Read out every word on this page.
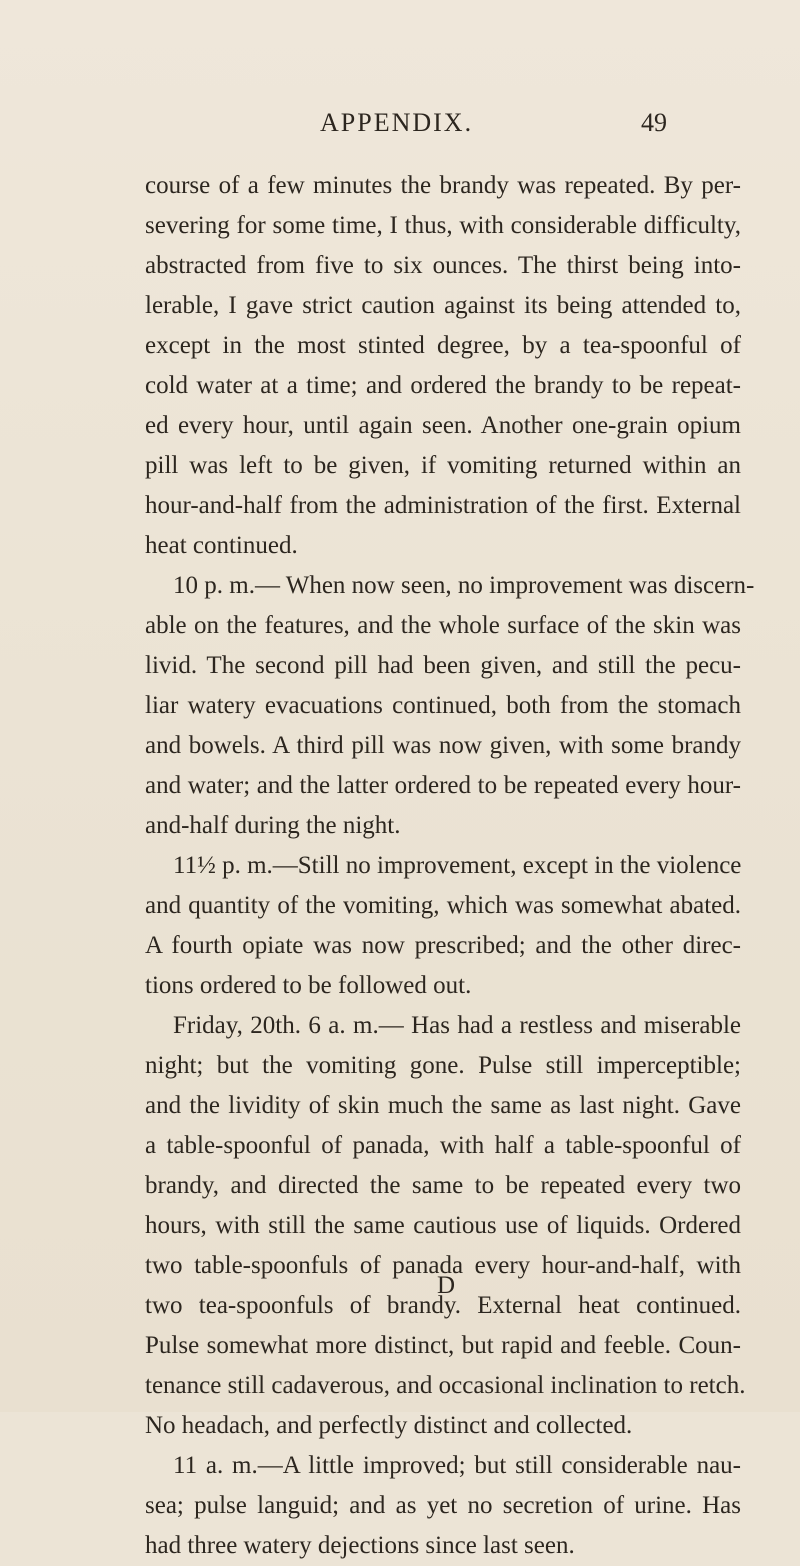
APPENDIX.	49
course of a few minutes the brandy was repeated. By per-
severing for some time, I thus, with considerable difficulty,
abstracted from five to six ounces. The thirst being into-
lerable, I gave strict caution against its being attended to,
except in the most stinted degree, by a tea-spoonful of
cold water at a time; and ordered the brandy to be repeat-
ed every hour, until again seen. Another one-grain opium
pill was left to be given, if vomiting returned within an
hour-and-half from the administration of the first. External
heat continued.
10 p. m.— When now seen, no improvement was discern-
able on the features, and the whole surface of the skin was
livid. The second pill had been given, and still the pecu-
liar watery evacuations continued, both from the stomach
and bowels. A third pill was now given, with some brandy
and water; and the latter ordered to be repeated every hour-
and-half during the night.
11½ p. m.—Still no improvement, except in the violence
and quantity of the vomiting, which was somewhat abated.
A fourth opiate was now prescribed; and the other direc-
tions ordered to be followed out.
Friday, 20th. 6 a. m.— Has had a restless and miserable
night; but the vomiting gone. Pulse still imperceptible;
and the lividity of skin much the same as last night. Gave
a table-spoonful of panada, with half a table-spoonful of
brandy, and directed the same to be repeated every two
hours, with still the same cautious use of liquids. Ordered
two table-spoonfuls of panada every hour-and-half, with
two tea-spoonfuls of brandy. External heat continued.
Pulse somewhat more distinct, but rapid and feeble. Coun-
tenance still cadaverous, and occasional inclination to retch.
No headach, and perfectly distinct and collected.
11 a. m.—A little improved; but still considerable nau-
sea; pulse languid; and as yet no secretion of urine. Has
had three watery dejections since last seen.
D
